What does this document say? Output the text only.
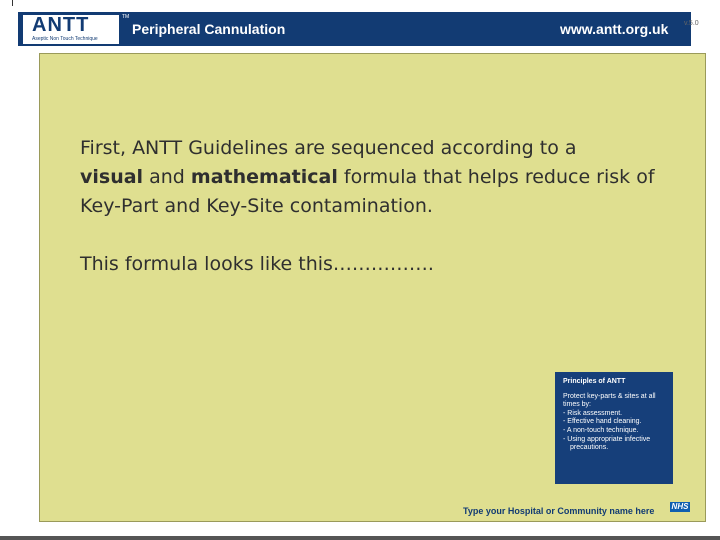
ANTT
Aseptic Non Touch Technique
TM
Peripheral Cannulation	www.antt.org.uk v.5.0
First, ANTT Guidelines are sequenced according to a
visual and mathematical formula that helps reduce risk of
Key-Part and Key-Site contamination.
This formula looks like this…………….
Principles of ANTT
Protect key-parts & sites at all times by:
- Risk assessment.
- Effective hand cleaning.
- A non-touch technique.
- Using appropriate infective precautions.
Type your Hospital or Community name here NHS
